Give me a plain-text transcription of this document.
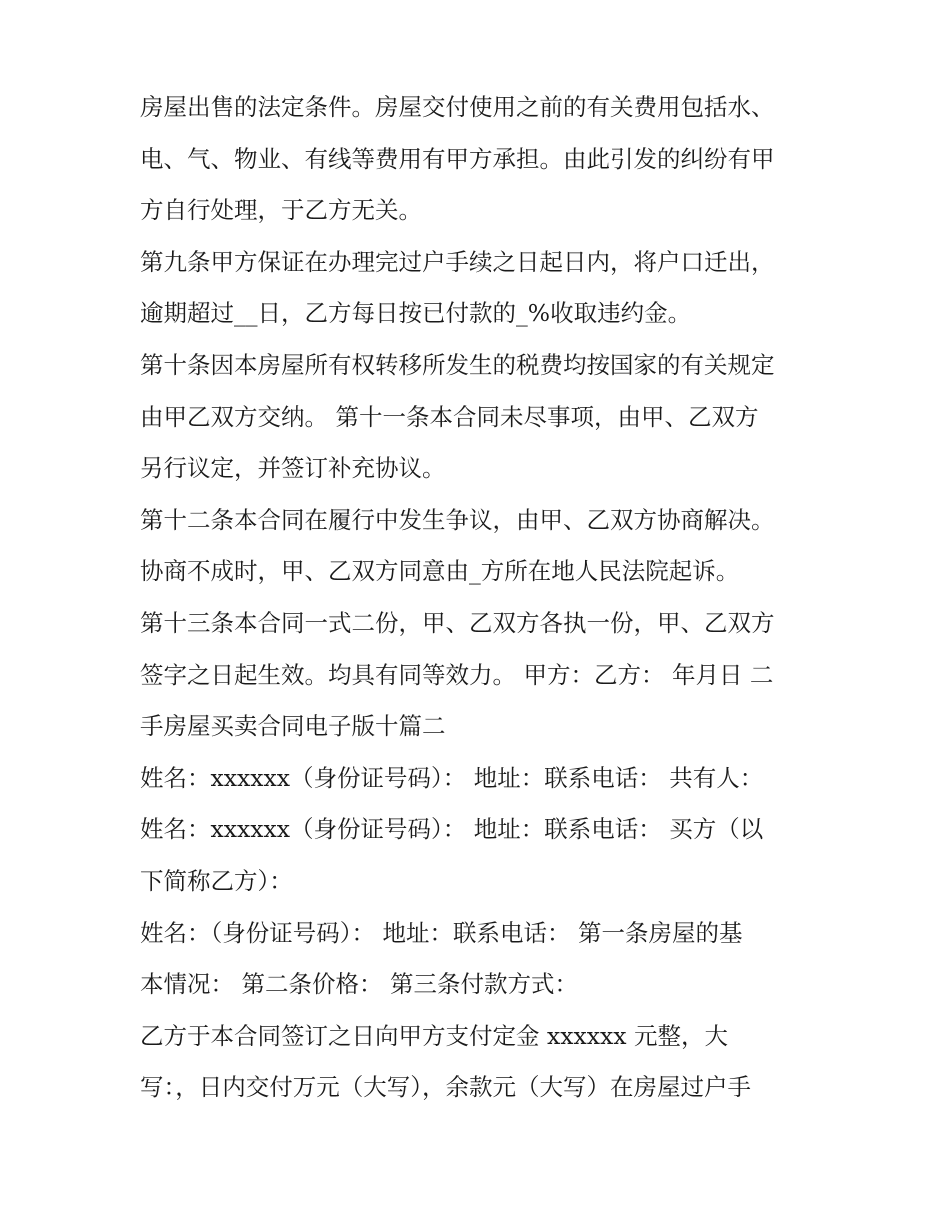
房屋出售的法定条件。房屋交付使用之前的有关费用包括水、
电、气、物业、有线等费用有甲方承担。由此引发的纠纷有甲
方自行处理，于乙方无关。
第九条甲方保证在办理完过户手续之日起日内，将户口迁出，
逾期超过__日，乙方每日按已付款的_%收取违约金。
第十条因本房屋所有权转移所发生的税费均按国家的有关规定
由甲乙双方交纳。 第十一条本合同未尽事项，由甲、乙双方
另行议定，并签订补充协议。
第十二条本合同在履行中发生争议，由甲、乙双方协商解决。
协商不成时，甲、乙双方同意由_方所在地人民法院起诉。
第十三条本合同一式二份，甲、乙双方各执一份，甲、乙双方
签字之日起生效。均具有同等效力。 甲方：乙方： 年月日 二
手房屋买卖合同电子版十篇二
姓名：xxxxxx（身份证号码）： 地址：联系电话： 共有人：
姓名：xxxxxx（身份证号码）： 地址：联系电话： 买方（以
下简称乙方）：
姓名：（身份证号码）： 地址：联系电话： 第一条房屋的基
本情况： 第二条价格： 第三条付款方式：
乙方于本合同签订之日向甲方支付定金 xxxxxx 元整，大
写：，日内交付万元（大写），余款元（大写）在房屋过户手
